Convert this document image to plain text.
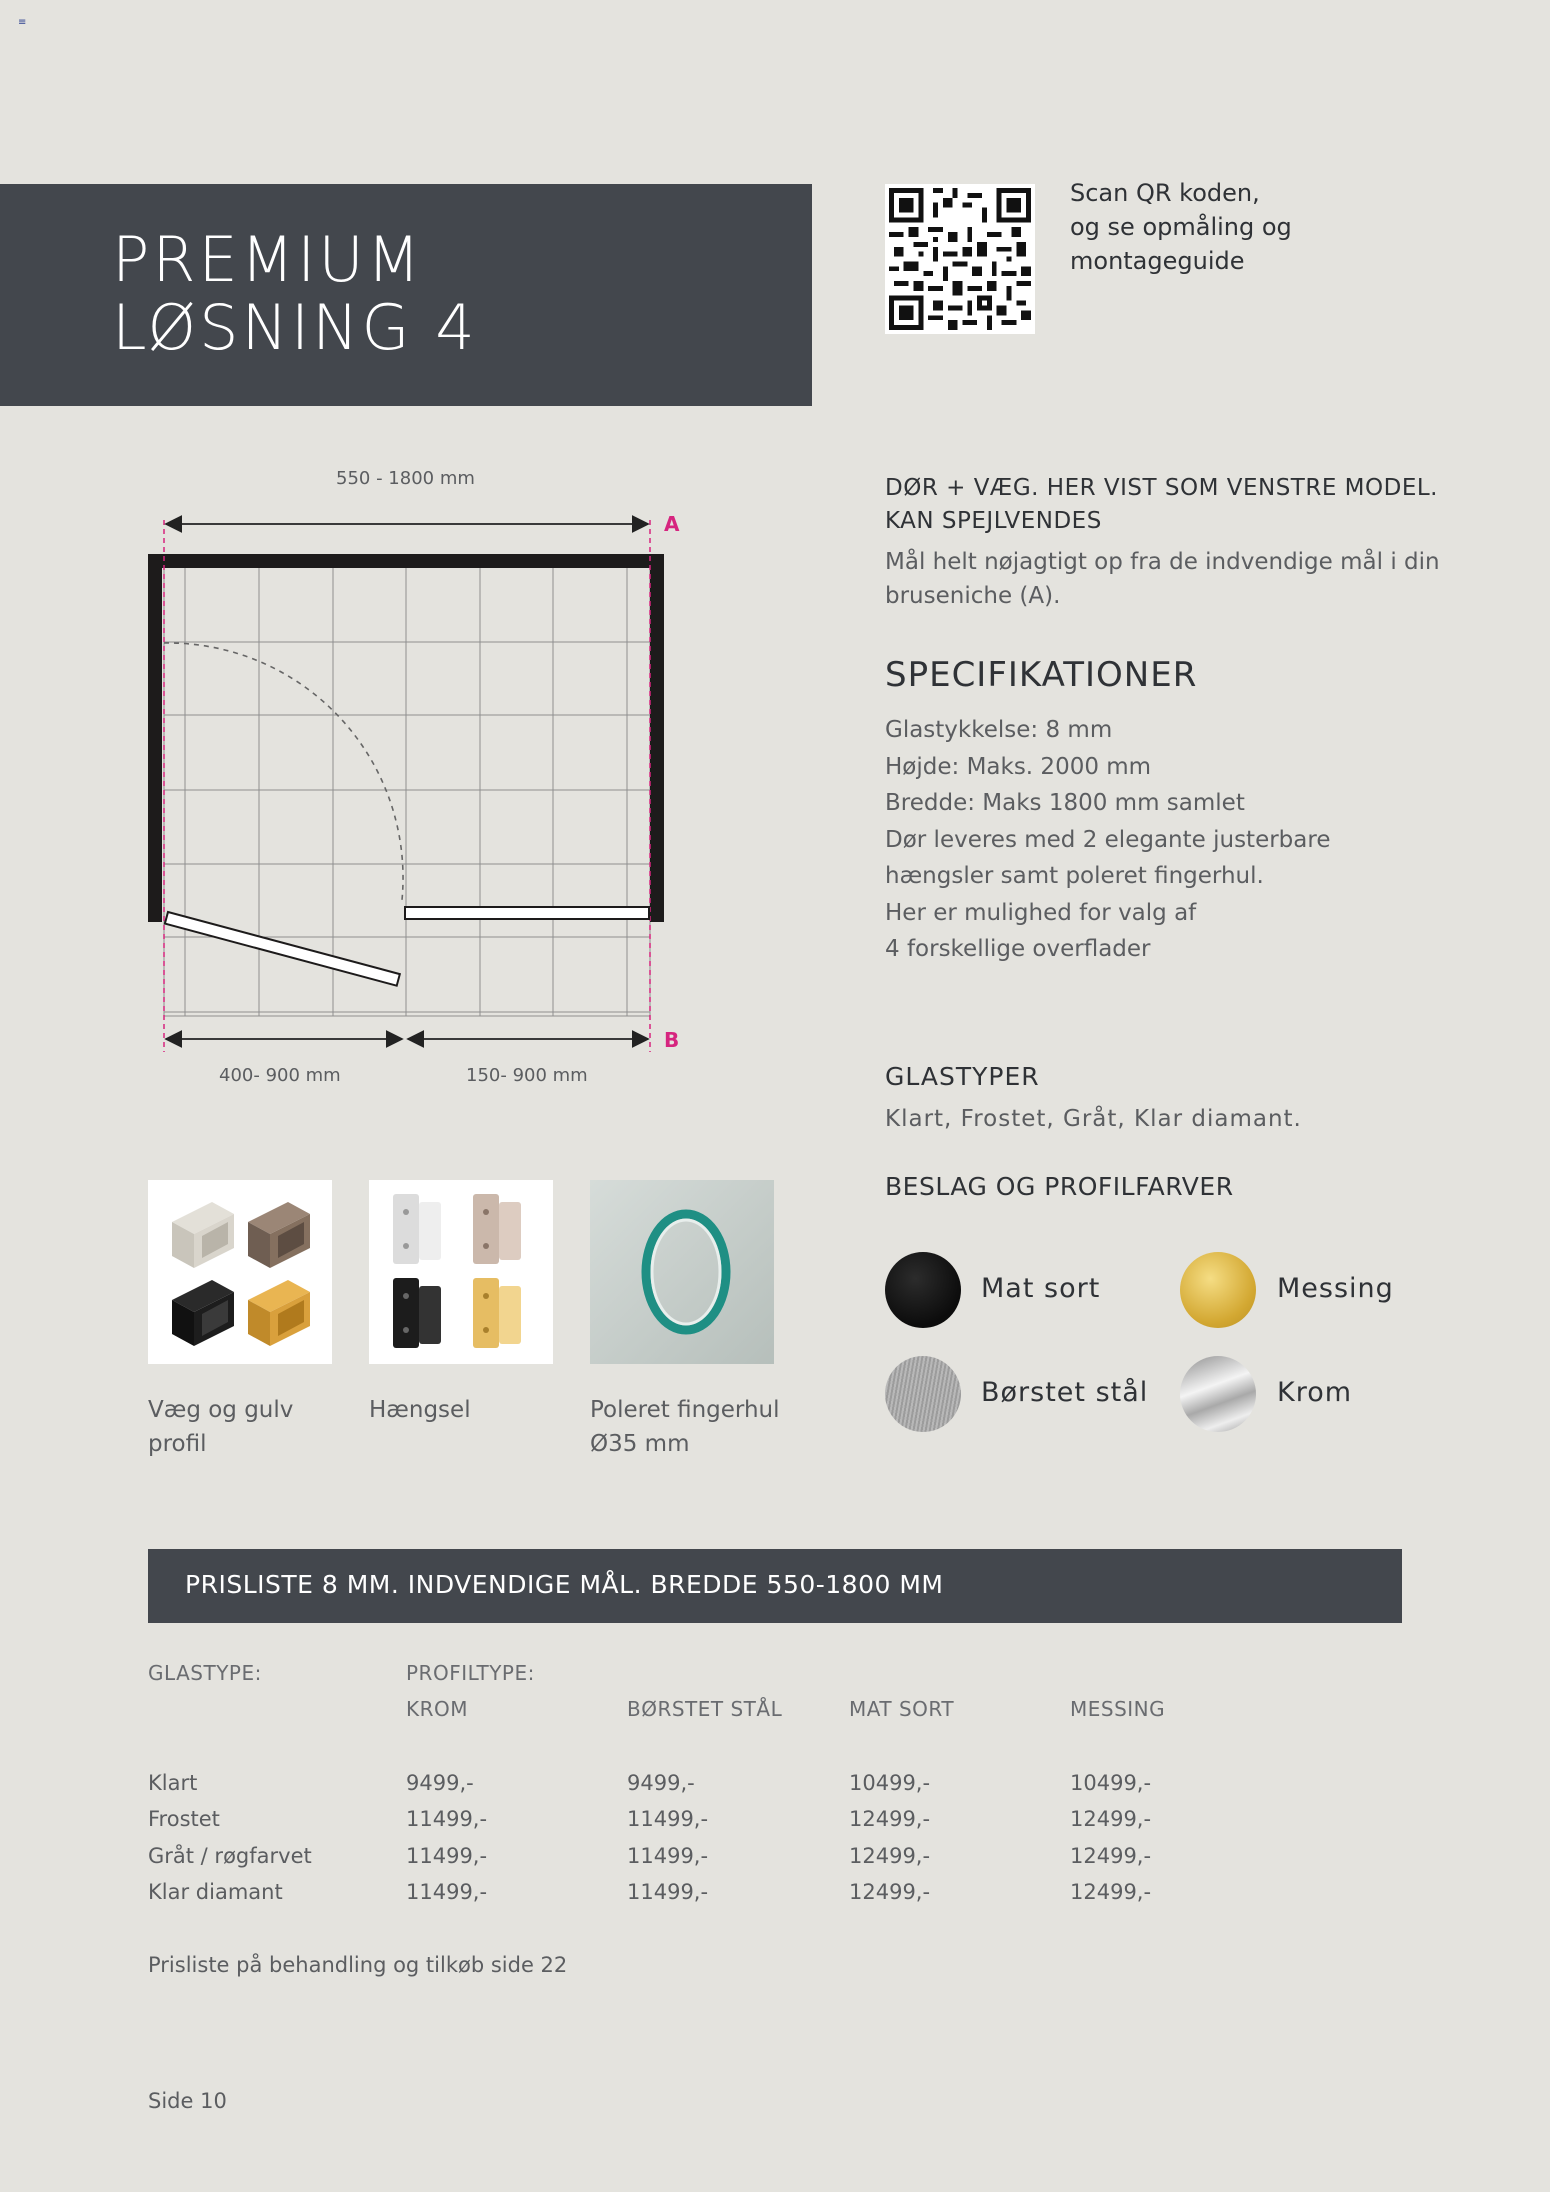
≡
PREMIUM
LØSNING 4
Scan QR koden,
og se opmåling og
montageguide
550 - 1800 mm
A
B
400- 900 mm	150- 900 mm
DØR + VÆG. HER VIST SOM VENSTRE MODEL. KAN SPEJLVENDES
Mål helt nøjagtigt op fra de indvendige mål i din bruseniche (A).
SPECIFIKATIONER
Glastykkelse: 8 mm
Højde: Maks. 2000 mm
Bredde: Maks 1800 mm samlet
Dør leveres med 2 elegante justerbare
hængsler samt poleret fingerhul.
Her er mulighed for valg af
4 forskellige overflader
GLASTYPER
Klart, Frostet, Gråt, Klar diamant.
BESLAG OG PROFILFARVER
Mat sort	Messing
Børstet stål	Krom
Væg og gulv
profil
Hængsel	Poleret fingerhul
Ø35 mm
PRISLISTE 8 MM. INDVENDIGE MÅL. BREDDE 550-1800 MM
GLASTYPE:	PROFILTYPE:
KROM	BØRSTET STÅL	MAT SORT	MESSING
Klart	9499,-	9499,-	10499,-	10499,-
Frostet	11499,-	11499,-	12499,-	12499,-
Gråt / røgfarvet	11499,-	11499,-	12499,-	12499,-
Klar diamant	11499,-	11499,-	12499,-	12499,-
Prisliste på behandling og tilkøb side 22
Side 10
